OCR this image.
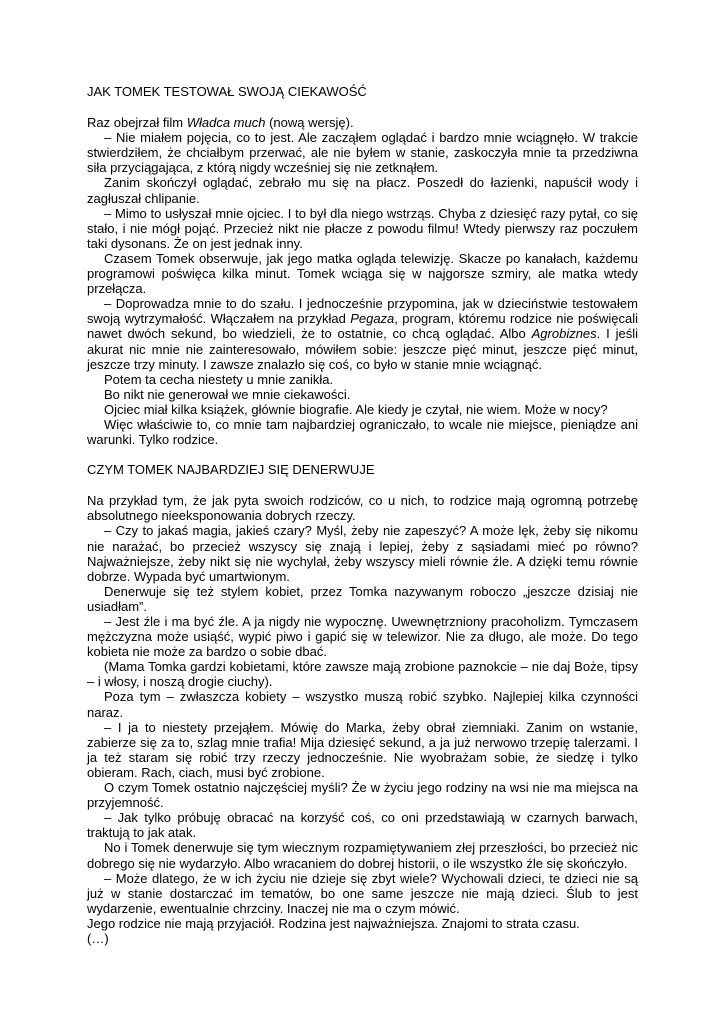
JAK TOMEK TESTOWAŁ SWOJĄ CIEKAWOŚĆ

Raz obejrzał film Władca much (nową wersję).

– Nie miałem pojęcia, co to jest. Ale zacząłem oglądać i bardzo mnie wciągnęło. W trakcie stwierdziłem, że chciałbym przerwać, ale nie byłem w stanie, zaskoczyła mnie ta przedziwna siła przyciągająca, z którą nigdy wcześniej się nie zetknąłem.

Zanim skończył oglądać, zebrało mu się na płacz. Poszedł do łazienki, napuścił wody i zagłuszał chlipanie.

– Mimo to usłyszał mnie ojciec. I to był dla niego wstrząs. Chyba z dziesięć razy pytał, co się stało, i nie mógł pojąć. Przecież nikt nie płacze z powodu filmu! Wtedy pierwszy raz poczułem taki dysonans. Że on jest jednak inny.

Czasem Tomek obserwuje, jak jego matka ogląda telewizję. Skacze po kanałach, każdemu programowi poświęca kilka minut. Tomek wciąga się w najgorsze szmiry, ale matka wtedy przełącza.

– Doprowadza mnie to do szału. I jednocześnie przypomina, jak w dzieciństwie testowałem swoją wytrzymałość. Włączałem na przykład Pegaza, program, któremu rodzice nie poświęcali nawet dwóch sekund, bo wiedzieli, że to ostatnie, co chcą oglądać. Albo Agrobiznes. I jeśli akurat nic mnie nie zainteresowało, mówiłem sobie: jeszcze pięć minut, jeszcze pięć minut, jeszcze trzy minuty. I zawsze znalazło się coś, co było w stanie mnie wciągnąć.

Potem ta cecha niestety u mnie zanikła.

Bo nikt nie generował we mnie ciekawości.

Ojciec miał kilka książek, głównie biografie. Ale kiedy je czytał, nie wiem. Może w nocy?

Więc właściwie to, co mnie tam najbardziej ograniczało, to wcale nie miejsce, pieniądze ani warunki. Tylko rodzice.

CZYM TOMEK NAJBARDZIEJ SIĘ DENERWUJE

Na przykład tym, że jak pyta swoich rodziców, co u nich, to rodzice mają ogromną potrzebę absolutnego nieeksponowania dobrych rzeczy.

– Czy to jakaś magia, jakieś czary? Myśl, żeby nie zapeszyć? A może lęk, żeby się nikomu nie narażać, bo przecież wszyscy się znają i lepiej, żeby z sąsiadami mieć po równo? Najważniejsze, żeby nikt się nie wychylał, żeby wszyscy mieli równie źle. A dzięki temu równie dobrze. Wypada być umartwionym.

Denerwuje się też stylem kobiet, przez Tomka nazywanym roboczo „jeszcze dzisiaj nie usiadłam”.

– Jest źle i ma być źle. A ja nigdy nie wypocznę. Uwewnętrzniony pracoholizm. Tymczasem mężczyzna może usiąść, wypić piwo i gapić się w telewizor. Nie za długo, ale może. Do tego kobieta nie może za bardzo o sobie dbać.

(Mama Tomka gardzi kobietami, które zawsze mają zrobione paznokcie – nie daj Boże, tipsy – i włosy, i noszą drogie ciuchy).

Poza tym – zwłaszcza kobiety – wszystko muszą robić szybko. Najlepiej kilka czynności naraz.

– I ja to niestety przejąłem. Mówię do Marka, żeby obrał ziemniaki. Zanim on wstanie, zabierze się za to, szlag mnie trafia! Mija dziesięć sekund, a ja już nerwowo trzepię talerzami. I ja też staram się robić trzy rzeczy jednocześnie. Nie wyobrażam sobie, że siedzę i tylko obieram. Rach, ciach, musi być zrobione.

O czym Tomek ostatnio najczęściej myśli? Że w życiu jego rodziny na wsi nie ma miejsca na przyjemność.

– Jak tylko próbuję obracać na korzyść coś, co oni przedstawiają w czarnych barwach, traktują to jak atak.

No i Tomek denerwuje się tym wiecznym rozpamiętywaniem złej przeszłości, bo przecież nic dobrego się nie wydarzyło. Albo wracaniem do dobrej historii, o ile wszystko źle się skończyło.

– Może dlatego, że w ich życiu nie dzieje się zbyt wiele? Wychowali dzieci, te dzieci nie są już w stanie dostarczać im tematów, bo one same jeszcze nie mają dzieci. Ślub to jest wydarzenie, ewentualnie chrzciny. Inaczej nie ma o czym mówić.

Jego rodzice nie mają przyjaciół. Rodzina jest najważniejsza. Znajomi to strata czasu.

(…)
